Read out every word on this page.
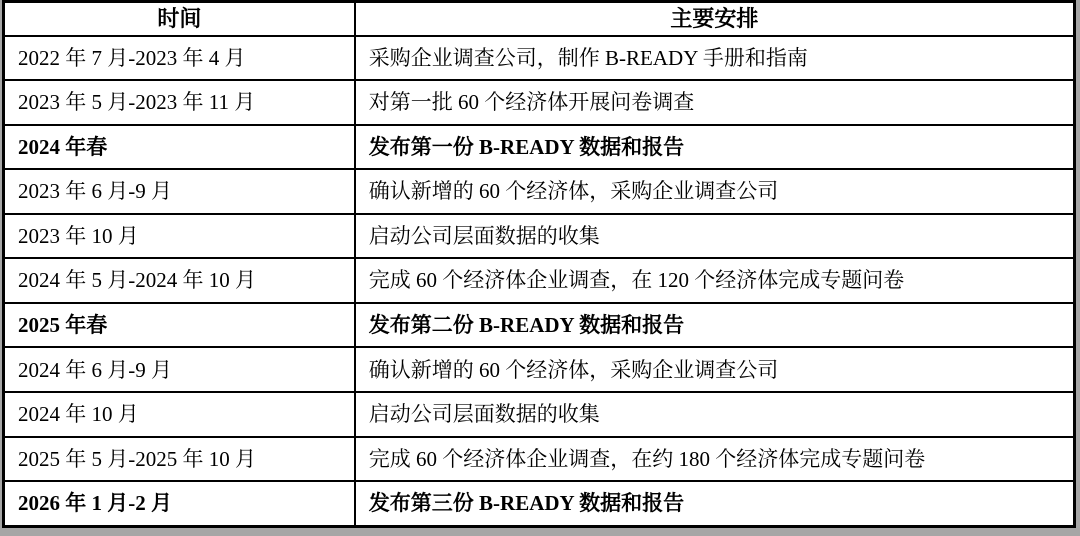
时间	主要安排
2022 年 7 月-2023 年 4 月	采购企业调查公司，制作 B-READY 手册和指南
2023 年 5 月-2023 年 11 月	对第一批 60 个经济体开展问卷调查
2024 年春	发布第一份 B-READY 数据和报告
2023 年 6 月-9 月	确认新增的 60 个经济体，采购企业调查公司
2023 年 10 月	启动公司层面数据的收集
2024 年 5 月-2024 年 10 月	完成 60 个经济体企业调查，在 120 个经济体完成专题问卷
2025 年春	发布第二份 B-READY 数据和报告
2024 年 6 月-9 月	确认新增的 60 个经济体，采购企业调查公司
2024 年 10 月	启动公司层面数据的收集
2025 年 5 月-2025 年 10 月	完成 60 个经济体企业调查，在约 180 个经济体完成专题问卷
2026 年 1 月-2 月	发布第三份 B-READY 数据和报告
